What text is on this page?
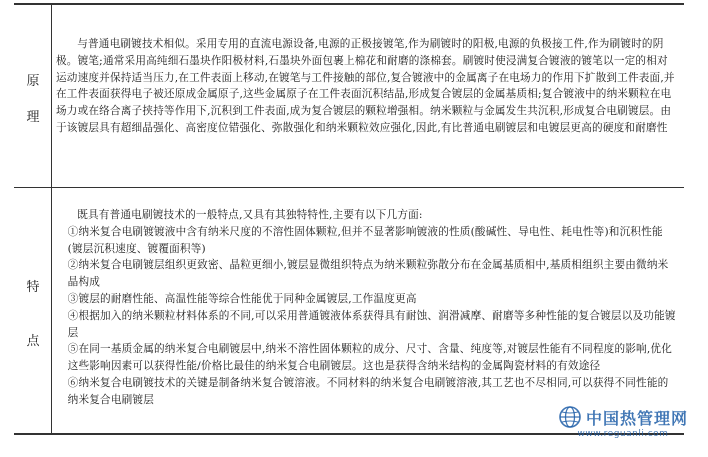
原
理

与普通电刷镀技术相似。采用专用的直流电源设备,电源的正极接镀笔,作为刷镀时的阳极,电源的负极接工件,作为刷镀时的阴极。镀笔;通常采用高纯细石墨块作阳极材料,石墨块外面包裹上棉花和耐磨的涤棉套。刷镀时使浸满复合镀液的镀笔以一定的相对运动速度并保持适当压力,在工件表面上移动,在镀笔与工件接触的部位,复合镀液中的金属离子在电场力的作用下扩散到工件表面,并在工件表面获得电子被还原成金属原子,这些金属原子在工件表面沉积结晶,形成复合镀层的金属基质相;复合镀液中的纳米颗粒在电场力或在络合离子挟持等作用下,沉积到工件表面,成为复合镀层的颗粒增强相。纳米颗粒与金属发生共沉积,形成复合电刷镀层。由于该镀层具有超细晶强化、高密度位错强化、弥散强化和纳米颗粒效应强化,因此,有比普通电刷镀层和电镀层更高的硬度和耐磨性

特
点

既具有普通电刷镀技术的一般特点,又具有其独特特性,主要有以下几方面:

①纳米复合电刷镀镀液中含有纳米尺度的不溶性固体颗粒,但并不显著影响镀液的性质(酸碱性、导电性、耗电性等)和沉积性能(镀层沉积速度、镀覆面积等)

②纳米复合电刷镀层组织更致密、晶粒更细小,镀层显微组织特点为纳米颗粒弥散分布在金属基质相中,基质相组织主要由微纳米晶构成

③镀层的耐磨性能、高温性能等综合性能优于同种金属镀层,工作温度更高

④根据加入的纳米颗粒材料体系的不同,可以采用普通镀液体系获得具有耐蚀、润滑减摩、耐磨等多种性能的复合镀层以及功能镀层

⑤在同一基质金属的纳米复合电刷镀层中,纳米不溶性固体颗粒的成分、尺寸、含量、纯度等,对镀层性能有不同程度的影响,优化这些影响因素可以获得性能/价格比最佳的纳米复合电刷镀层。这也是获得含纳米结构的金属陶瓷材料的有效途径

⑥纳米复合电刷镀技术的关键是制备纳米复合镀溶液。不同材料的纳米复合电刷镀溶液,其工艺也不尽相同,可以获得不同性能的纳米复合电刷镀层

中国热管理网
www.reguanli.com
